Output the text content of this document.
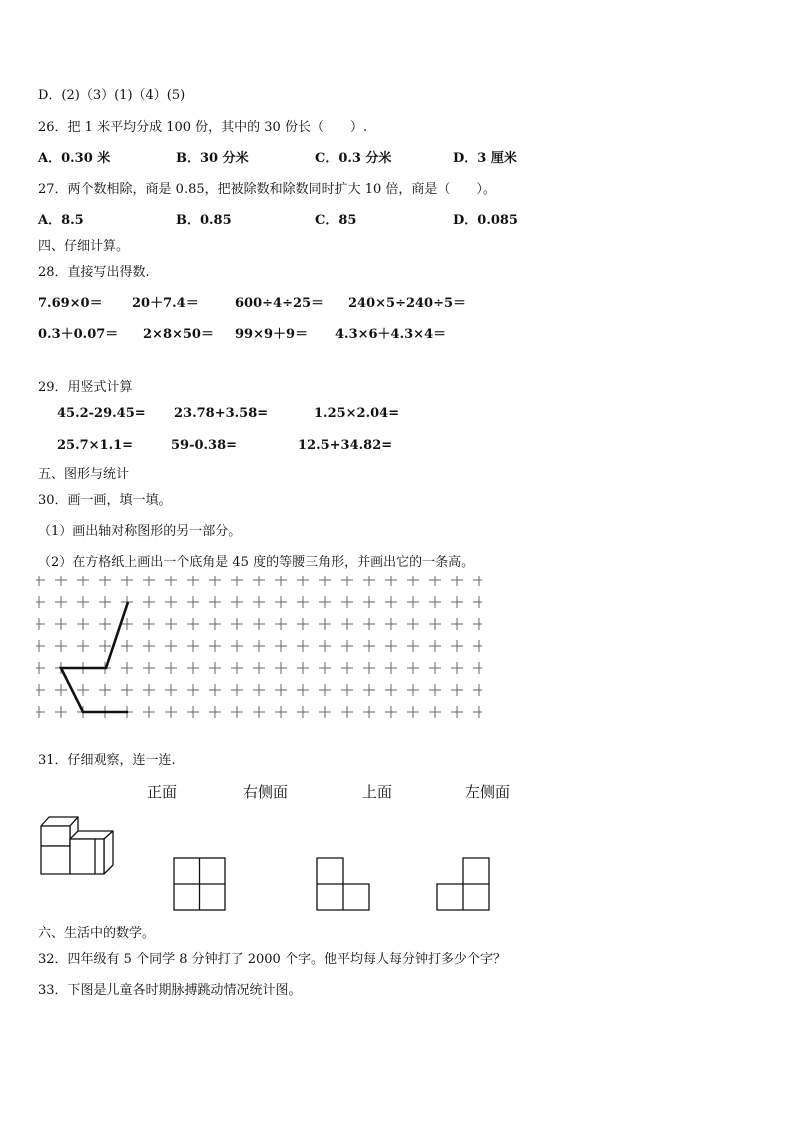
D．(2)（3）(1)（4）(5)
26．把 1 米平均分成 100 份，其中的 30 份长（　　）.
A．0.30 米	B．30 分米	C．0.3 分米	D．3 厘米
27．两个数相除，商是 0.85，把被除数和除数同时扩大 10 倍，商是（　　）。
A．8.5	B．0.85	C．85	D．0.085
四、仔细计算。
28．直接写出得数.
7.69×0＝ 20＋7.4＝	600÷4÷25＝ 240×5÷240÷5＝
0.3＋0.07＝ 2×8×50＝ 99×9＋9＝ 4.3×6＋4.3×4＝
29．用竖式计算
45.2-29.45= 23.78+3.58=	1.25×2.04=
25.7×1.1=	59-0.38=	12.5+34.82=
五、图形与统计
30．画一画，填一填。
（1）画出轴对称图形的另一部分。
（2）在方格纸上画出一个底角是 45 度的等腰三角形，并画出它的一条高。
31．仔细观察，连一连.
正面	右侧面	上面	左侧面
六、生活中的数学。
32．四年级有 5 个同学 8 分钟打了 2000 个字。他平均每人每分钟打多少个字？
33．下图是儿童各时期脉搏跳动情况统计图。
